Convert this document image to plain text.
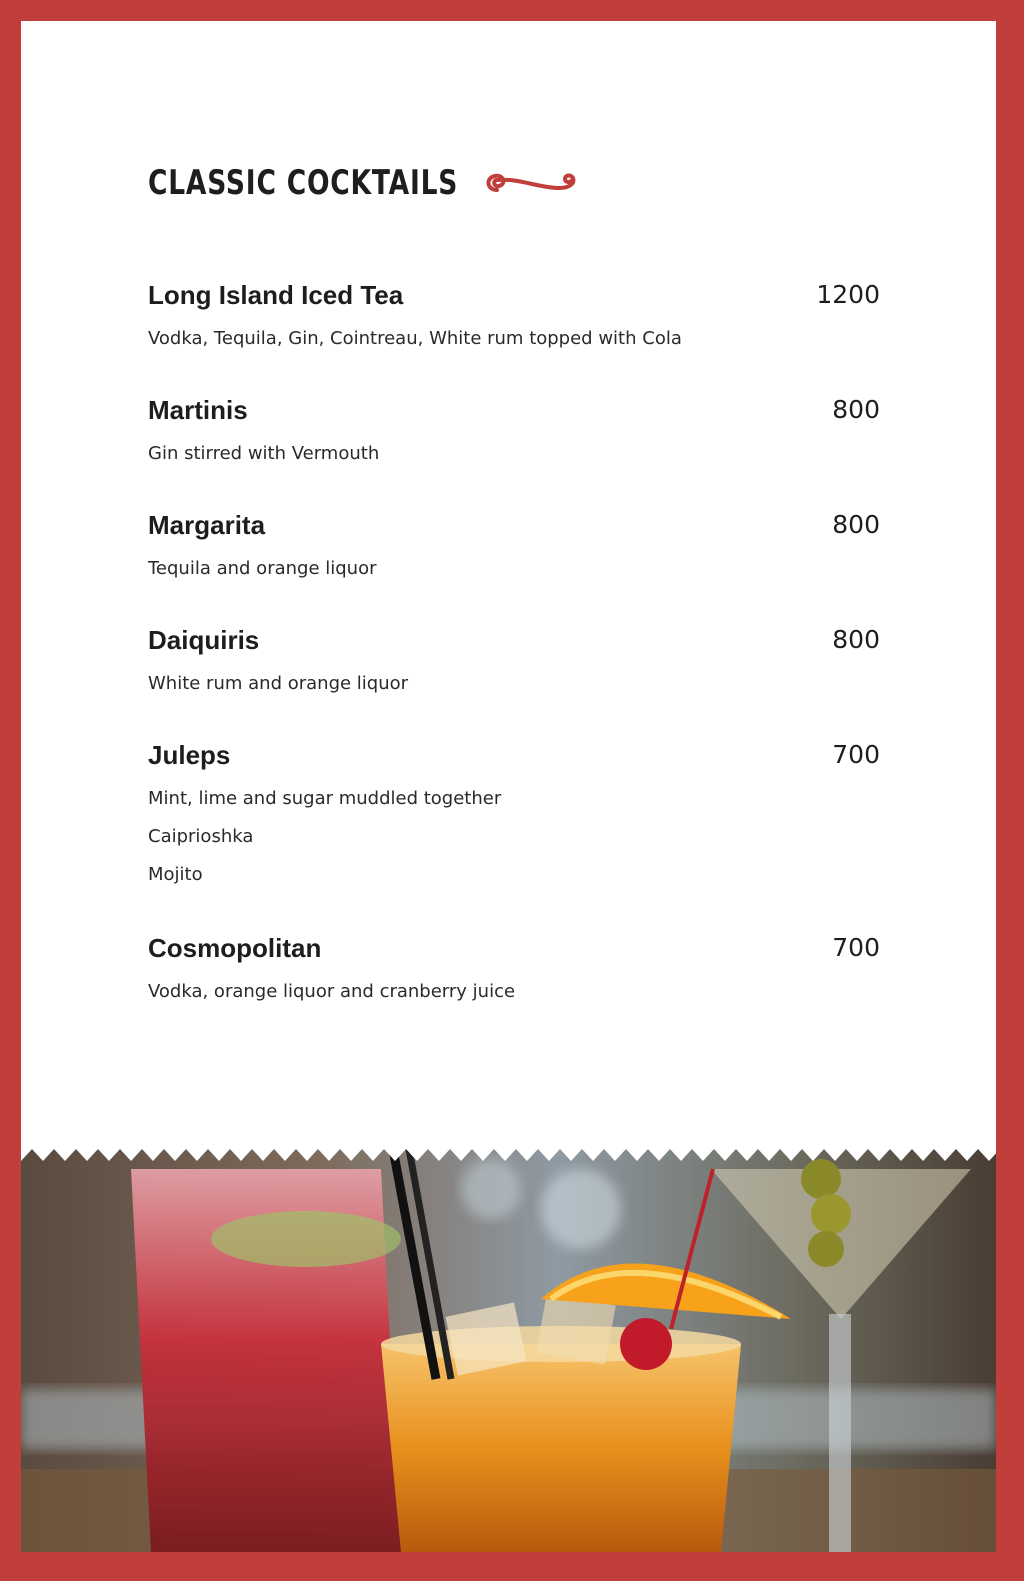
CLASSIC COCKTAILS
Long Island Iced Tea	1200
Vodka, Tequila, Gin, Cointreau, White rum topped with Cola
Martinis	800
Gin stirred with Vermouth
Margarita	800
Tequila and orange liquor
Daiquiris	800
White rum and orange liquor
Juleps	700
Mint, lime and sugar muddled together
Caiprioshka
Mojito
Cosmopolitan	700
Vodka, orange liquor and cranberry juice
